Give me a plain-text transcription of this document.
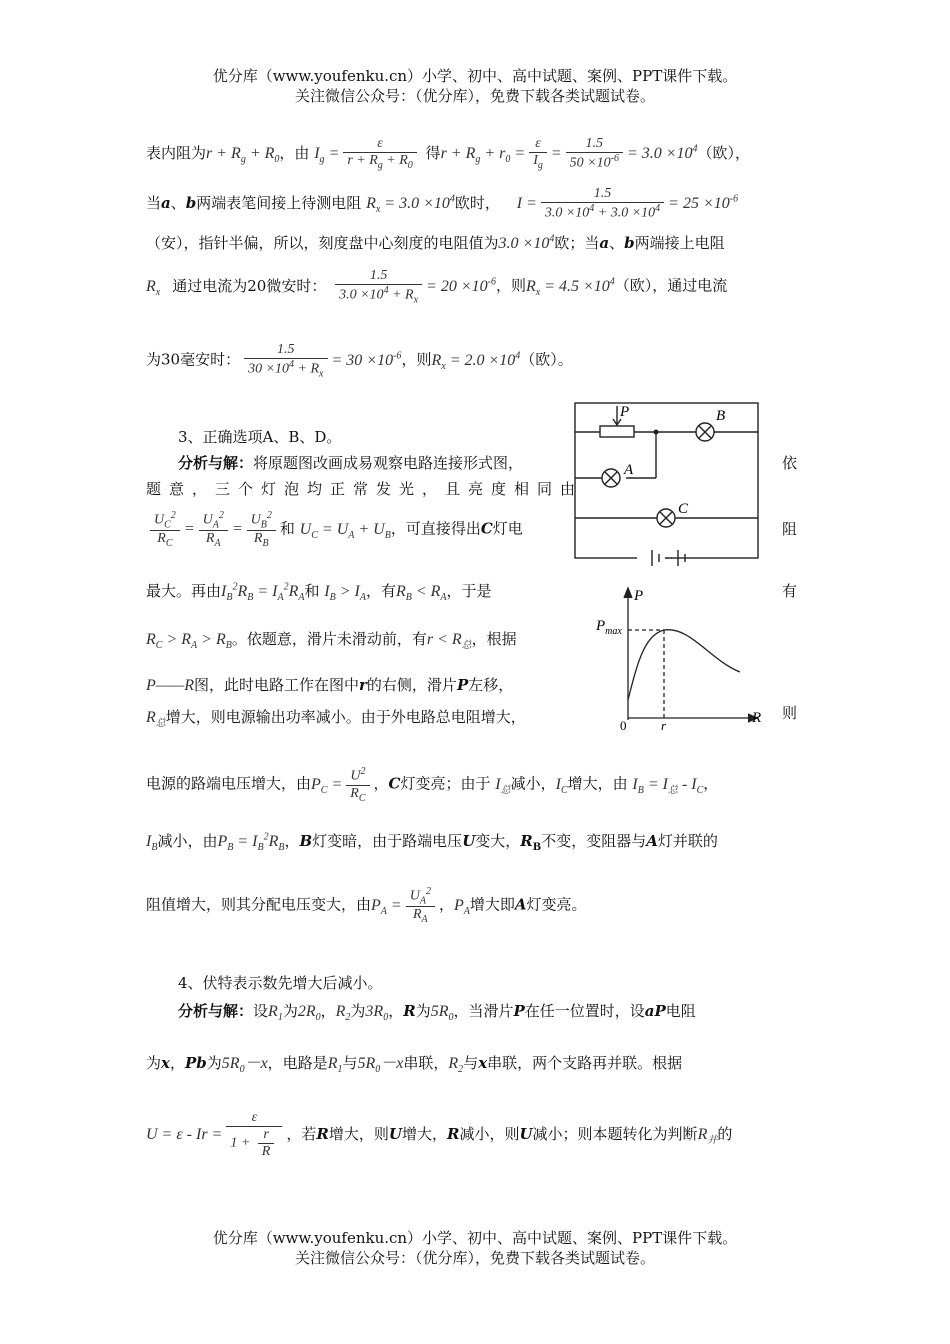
优分库（www.youfenku.cn）小学、初中、高中试题、案例、PPT课件下载。
关注微信公众号：（优分库），免费下载各类试题试卷。
表内阻为$r + R_g + R_0$，由 $I_g = \frac{\varepsilon}{r + R_g + R_0}$ 得$r + R_g + r_0 = \frac{\varepsilon}{I_g} = \frac{1.5}{50 \times 10^{-6}} = 3.0 \times 10^4$（欧），
当a、b两端表笔间接上待测电阻 $R_x = 3.0 \times 10^4$欧时， $I = \frac{1.5}{3.0 \times 10^4 + 3.0 \times 10^4} = 25 \times 10^{-6}$
（安），指针半偏，所以，刻度盘中心刻度的电阻值为$3.0 \times 10^4$欧；当a、b两端接上电阻
$R_x$ 通过电流为20微安时： $\frac{1.5}{3.0 \times 10^4 + R_x} = 20 \times 10^{-6}$，则$R_x = 4.5 \times 10^4$（欧），通过电流
为30毫安时： $\frac{1.5}{30 \times 10^4 + R_x} = 30 \times 10^{-6}$，则$R_x = 2.0 \times 10^4$（欧）。
3、正确选项A、B、D。
分析与解：将原题图改画成易观察电路连接形式图，	依
题意，三个灯泡均正常发光，且亮度相同由
$\frac{U_C^2}{R_C} = \frac{U_A^2}{R_A} = \frac{U_B^2}{R_B}$ 和 $U_C = U_A + U_B$，可直接得出C灯电	阻
最大。再由$I_B^2R_B = I_A^2R_A$和 $I_B > I_A$，有$R_B < R_A$，于是	有
$R_C > R_A > R_B$。依题意，滑片未滑动前，有$r < R_总$，根据
P——R图，此时电路工作在图中r的右侧，滑片P左移，
$R_总$增大，则电源输出功率减小。由于外电路总电阻增大，	则
电源的路端电压增大，由$P_C = \frac{U^2}{R_C}$ ，C灯变亮；由于 $I_总$减小，$I_C$增大，由 $I_B = I_总 - I_C$，
$I_B$减小，由$P_B = I_B^2R_B$，B灯变暗，由于路端电压U变大，$R_B$不变，变阻器与A灯并联的
阻值增大，则其分配电压变大，由$P_A = \frac{U_A^2}{R_A}$ ，$P_A$增大即A灯变亮。
4、伏特表示数先增大后减小。
分析与解：设$R_1$为$2R_0$，$R_2$为$3R_0$，R为$5R_0$，当滑片P在任一位置时，设aP电阻
为x，Pb为$5R_0-x$，电路是$R_1$与$5R_0-x$串联，$R_2$与x串联，两个支路再并联。根据
$U = \varepsilon - Ir = \frac{\varepsilon}{1 + \frac{r}{R}}$ ，若R增大，则U增大，R减小，则U减小；则本题转化为判断$R_并$的
P	B
A
C
P
$P_{max}$
R
0	r
优分库（www.youfenku.cn）小学、初中、高中试题、案例、PPT课件下载。
关注微信公众号：（优分库），免费下载各类试题试卷。
